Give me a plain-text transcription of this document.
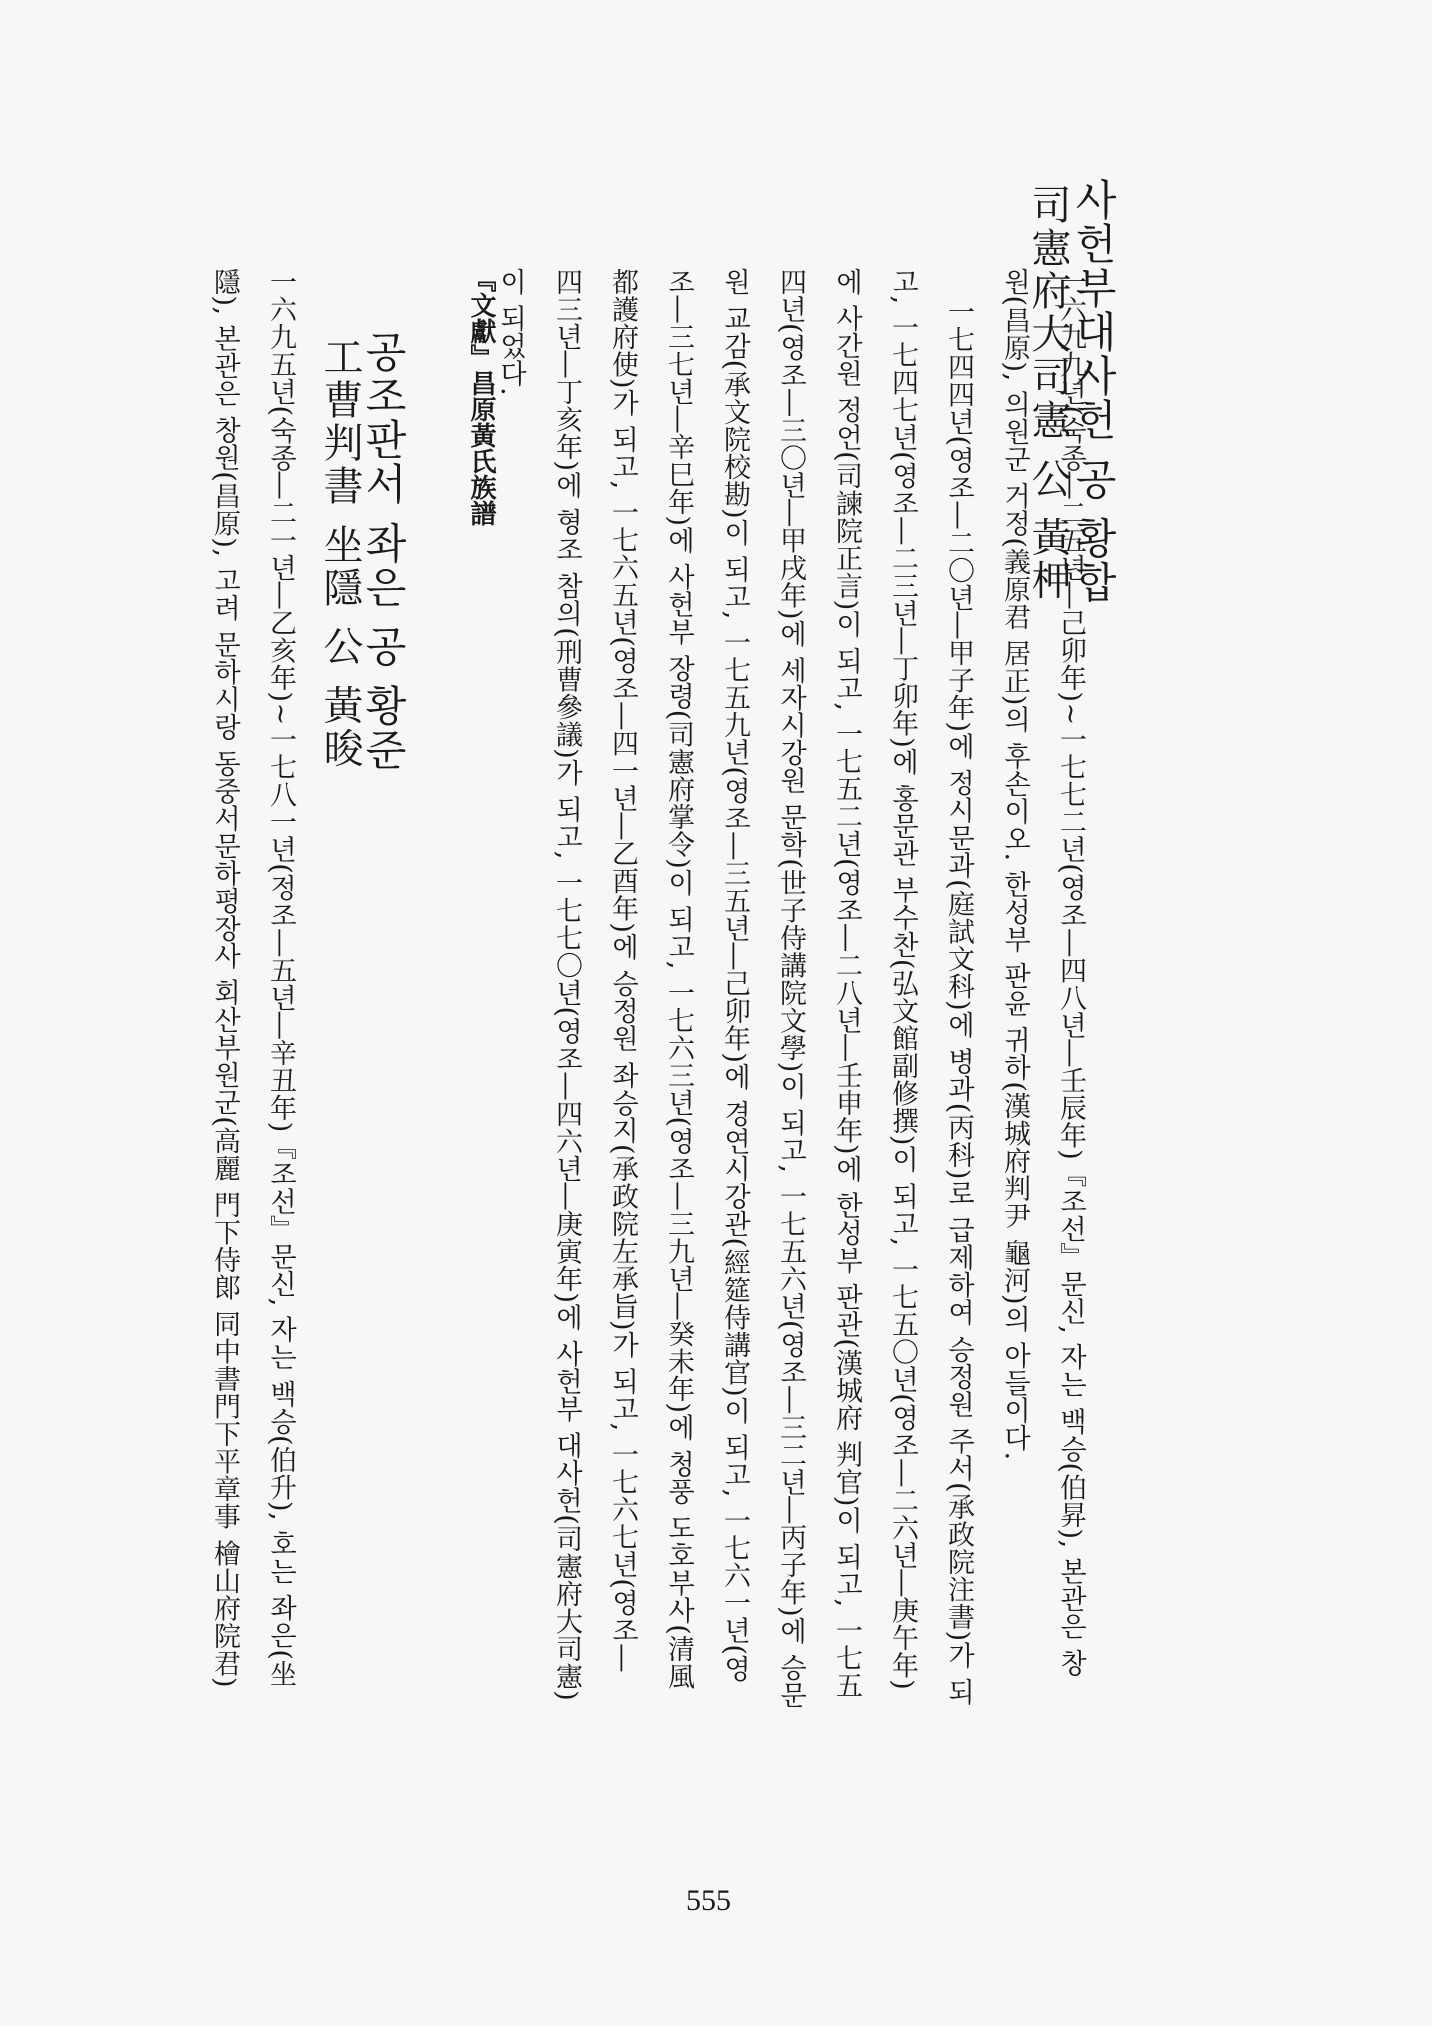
사헌부대사헌 공 황합
司憲府大司憲 公 黃柙
一六九九년(숙종―二五년―己卯年)~一七七二년(영조―四八년―壬辰年)『조선』문신, 자는 백승(伯昇), 본관은 창
공조판서 좌은 공 황준
工曹判書 坐隱 公 黃晙	『文獻』昌原黃氏族譜
555
원(昌原), 의원군 거정(義原君 居正)의 후손이오. 한성부 판윤 귀하(漢城府判尹 龜河)의 아들이다.
一七四四년(영조―二〇년―甲子年)에 정시문과(庭試文科)에 병과(丙科)로 급제하여 승정원 주서(承政院注書)가 되
고, 一七四七년(영조―二三년―丁卯年)에 홍문관 부수찬(弘文館副修撰)이 되고, 一七五〇년(영조―二六년―庚午年)
에 사간원 정언(司諫院正言)이 되고, 一七五二년(영조―二八년―壬申年)에 한성부 판관(漢城府 判官)이 되고, 一七五
四년(영조―三〇년―甲戌年)에 세자시강원 문학(世子侍講院文學)이 되고, 一七五六년(영조―三二년―丙子年)에 승문
원 교감(承文院校勘)이 되고, 一七五九년(영조―三五년―己卯年)에 경연시강관(經筵侍講官)이 되고, 一七六一년(영
조―三七년―辛巳年)에 사헌부 장령(司憲府掌令)이 되고, 一七六三년(영조―三九년―癸未年)에 청풍 도호부사(清風
都護府使)가 되고, 一七六五년(영조―四一년―乙酉年)에 승정원 좌승지(承政院左承旨)가 되고, 一七六七년(영조―
四三년―丁亥年)에 형조 참의(刑曹參議)가 되고, 一七七〇년(영조―四六년―庚寅年)에 사헌부 대사헌(司憲府大司憲)
이 되었다.
一六九五년(숙종―二一년―乙亥年)~一七八一년(정조―五년―辛丑年)『조선』문신, 자는 백승(伯升), 호는 좌은(坐
隱), 본관은 창원(昌原), 고려 문하시랑 동중서문하평장사 회산부원군(高麗 門下侍郞 同中書門下平章事 檜山府院君)
